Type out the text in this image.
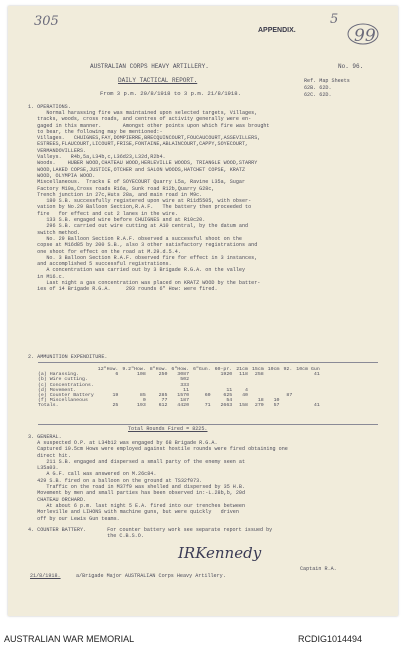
APPENDIX.
5
99
305
AUSTRALIAN CORPS HEAVY ARTILLERY.	No. 96.
DAILY TACTICAL REPORT.	Ref. Map Sheets
62B. 62D.
62C. 62D.
From 3 p.m. 20/8/1918 to 3 p.m. 21/8/1918.
1. OPERATIONS.
Normal harassing fire was maintained upon selected targets, Villages,
tracks, woods, cross roads, and centres of activity generally were en-
gaged in this manner.       Amongst other points upon which fire was brought
to bear, the following may be mentioned:-
Villages.   CHUIGNES,FAY,DOMPIERRE,BRECQUINCOURT,FOUCAUCOURT,ASSEVILLERS,
ESTREES,FLAUCOURT,LICOURT,FRISE,FONTAINE,ABLAINCOURT,CAPPY,SOYECOURT,
VERMANDOVILLERS.
Valleys.   R4b,5a,L34b,c,L36d23,L32d,R2b4.
Woods.    HUBER WOOD,CHATEAU WOOD,HERLEVILLE WOODS, TRIANGLE WOOD,STARRY
WOOD,LAKED COPSE,JUSTICE,OTCHER and SALON WOODS,HATCHET COPSE, KRATZ
WOOD, OLYMPIA WOOD.
Miscellaneous.  Tracks E of SOYECOURT Quarry L5a, Ravine L35a, Sugar
Factory M10a,Cross roads R16a, Sunk road R12b,Quarry G28c,
Trench junction in 27c,Huts 28a, and main road in M9c.
180 S.B. successfully registered upon wire at R11d5505, with obser-
vation by No.29 Balloon Section,R.A.F.   The battery then proceeded to
fire   for effect and cut 2 lanes in the wire.
133 S.B. engaged wire before CHUIGNES and at R10c20.
296 S.B. carried out wire cutting at A10 central, by the datum and
switch method.
No. 29 Balloon Section R.A.F. observed a successful shoot on the
copse at M16d85 by 200 S.B., also 3 other satisfactory registrations and
one shoot for effect on the road at M.29.d.5.4.
No. 3 Balloon Section R.A.F. observed fire for effect in 3 instances,
and accomplished 5 successful registrations.
A concentration was carried out by 3 Brigade R.G.A. on the valley
in M16.c.
Last night a gas concentration was placed on KRATZ WOOD by the batter-
ies of 14 Brigade R.G.A.     293 rounds 6" How: were fired.
2. AMMUNITION EXPENDITURE.
	12"How.	9.2"How.	8"How.	6"How.	6"Gun.	60-pr.	21cm	15cm	10cm	92.	10cm Gun
(a) Harassing.	6	108	250	3087		1920	118	258			41
(b) Wire cutting.				502							
(c) Concentrations.				333							
(d) Movement.				11		11	4				
(e) Counter Battery	19	85	285	1570	60	625	40			87	
(f) Miscellaneous		0	77	187		54		18	10		
Totals.	25	193	612	4420	71	2663	158	270	57		41
Total Rounds Fired = 8225.
3. GENERAL.
A suspected O.P. at L34b12 was engaged by 68 Brigade R.G.A.
Captured 10.5cm Hows were employed against hostile rounds were fired obtaining one
direct hit.
211 S.B. engaged and dispersed a small party of the enemy seen at
L35a03.
A G.F. call was answered on M.26c84.
429 S.B. fired on a balloon on the ground at TS32f073.
Traffic on the road in M37f9 was shelled and dispersed by 35 H.B.
Movement by men and small parties has been observed in:-L.28b,b, 20d
CHATEAU ORCHARD.
At about 6 p.m. last night 5 E.A. fired into our trenches between
Morleville and LIHONS with machine guns, but were quickly   driven
off by our Lewis Gun teams.
4. COUNTER BATTERY. For counter battery work see separate report issued by
the C.B.S.O.
IRKennedy
Captain R.A.
21/8/1918.	a/Brigade Major AUSTRALIAN Corps Heavy Artillery.
AUSTRALIAN WAR MEMORIAL	RCDIG1014494
